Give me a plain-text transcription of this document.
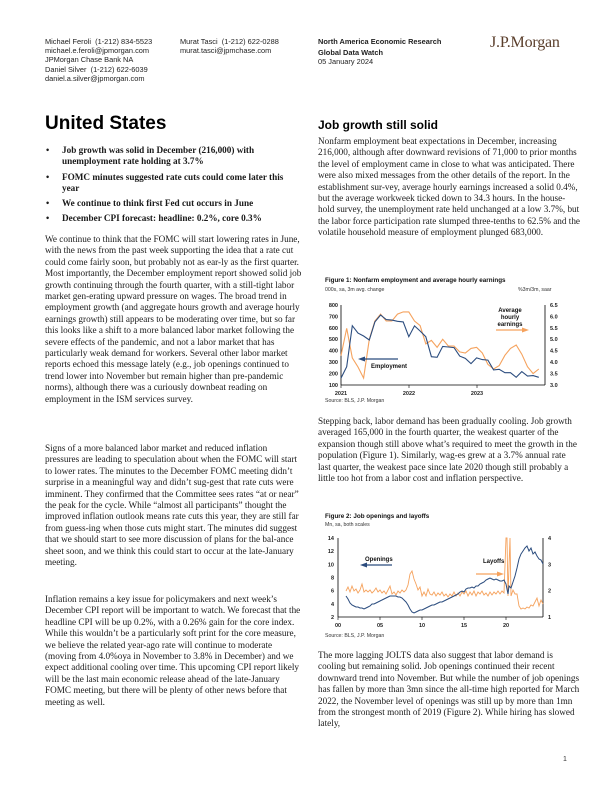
Michael Feroli (1-212) 834-5523
michael.e.feroli@jpmorgan.com
JPMorgan Chase Bank NA
Daniel Silver (1-212) 622-6039
daniel.a.silver@jpmorgan.com
Murat Tasci (1-212) 622-0288
murat.tasci@jpmchase.com
North America Economic Research
Global Data Watch
05 January 2024
J.P.Morgan
United States
• Job growth was solid in December (216,000) with unemployment rate holding at 3.7%
• FOMC minutes suggested rate cuts could come later this year
• We continue to think first Fed cut occurs in June
• December CPI forecast: headline: 0.2%, core 0.3%

We continue to think that the FOMC will start lowering rates in June, with the news from the past week supporting the idea that a rate cut could come fairly soon, but probably not as ear-ly as the first quarter. Most importantly, the December employment report showed solid job growth continuing through the fourth quarter, with a still-tight labor market gen-erating upward pressure on wages. The broad trend in employment growth (and aggregate hours growth and average hourly earnings growth) still appears to be moderating over time, but so far this looks like a shift to a more balanced labor market following the severe effects of the pandemic, and not a labor market that has particularly weak demand for workers. Several other labor market reports echoed this message lately (e.g., job openings continued to trend lower into November but remain higher than pre-pandemic norms), although there was a curiously downbeat reading on employment in the ISM services survey.

Signs of a more balanced labor market and reduced inflation pressures are leading to speculation about when the FOMC will start to lower rates. The minutes to the December FOMC meeting didn’t surprise in a meaningful way and didn’t sug-gest that rate cuts were imminent. They confirmed that the Committee sees rates “at or near” the peak for the cycle. While “almost all participants” thought the improved inflation outlook means rate cuts this year, they are still far from guess-ing when those cuts might start. The minutes did suggest that we should start to see more discussion of plans for the bal-ance sheet soon, and we think this could start to occur at the late-January meeting.

Inflation remains a key issue for policymakers and next week’s December CPI report will be important to watch. We forecast that the headline CPI will be up 0.2%, with a 0.26% gain for the core index. While this wouldn’t be a particularly soft print for the core measure, we believe the related year-ago rate will continue to moderate (moving from 4.0%oya in November to 3.8% in December) and we expect additional cooling over time. This upcoming CPI report likely will be the last main economic release ahead of the late-January FOMC meeting, but there will be plenty of other news before that meeting as well.

Job growth still solid

Nonfarm employment beat expectations in December, increasing 216,000, although after downward revisions of 71,000 to prior months the level of employment came in close to what was anticipated. There were also mixed messages from the other details of the report. In the establishment sur-vey, average hourly earnings increased a solid 0.4%, but the average workweek ticked down to 34.3 hours. In the house-hold survey, the unemployment rate held unchanged at a low 3.7%, but the labor force participation rate slumped three-tenths to 62.5% and the volatile household measure of employment plunged 683,000.

Figure 1: Nonfarm employment and average hourly earnings
000s, sa, 3m avg. change	%3m/3m, saar
800
700
600
500
400
300
200
100
6.5
6.0
5.5
5.0
4.5
4.0
3.5
3.0
2021	2022	2023
Employment
Average
hourly
earnings
Source: BLS, J.P. Morgan

Stepping back, labor demand has been gradually cooling. Job growth averaged 165,000 in the fourth quarter, the weakest quarter of the expansion though still above what’s required to meet the growth in the population (Figure 1). Similarly, wag-es grew at a 3.7% annual rate last quarter, the weakest pace since late 2020 though still probably a little too hot from a labor cost and inflation perspective.

Figure 2: Job openings and layoffs
Mn, sa, both scales
14
12
10
8
6
4
2
4
3
2
1
00	05	10	15	20
Openings	Layoffs
Source: BLS, J.P. Morgan

The more lagging JOLTS data also suggest that labor demand is cooling but remaining solid. Job openings continued their recent downward trend into November. But while the number of job openings has fallen by more than 3mn since the all-time high reported for March 2022, the November level of openings was still up by more than 1mn from the strongest month of 2019 (Figure 2). While hiring has slowed lately,

1
